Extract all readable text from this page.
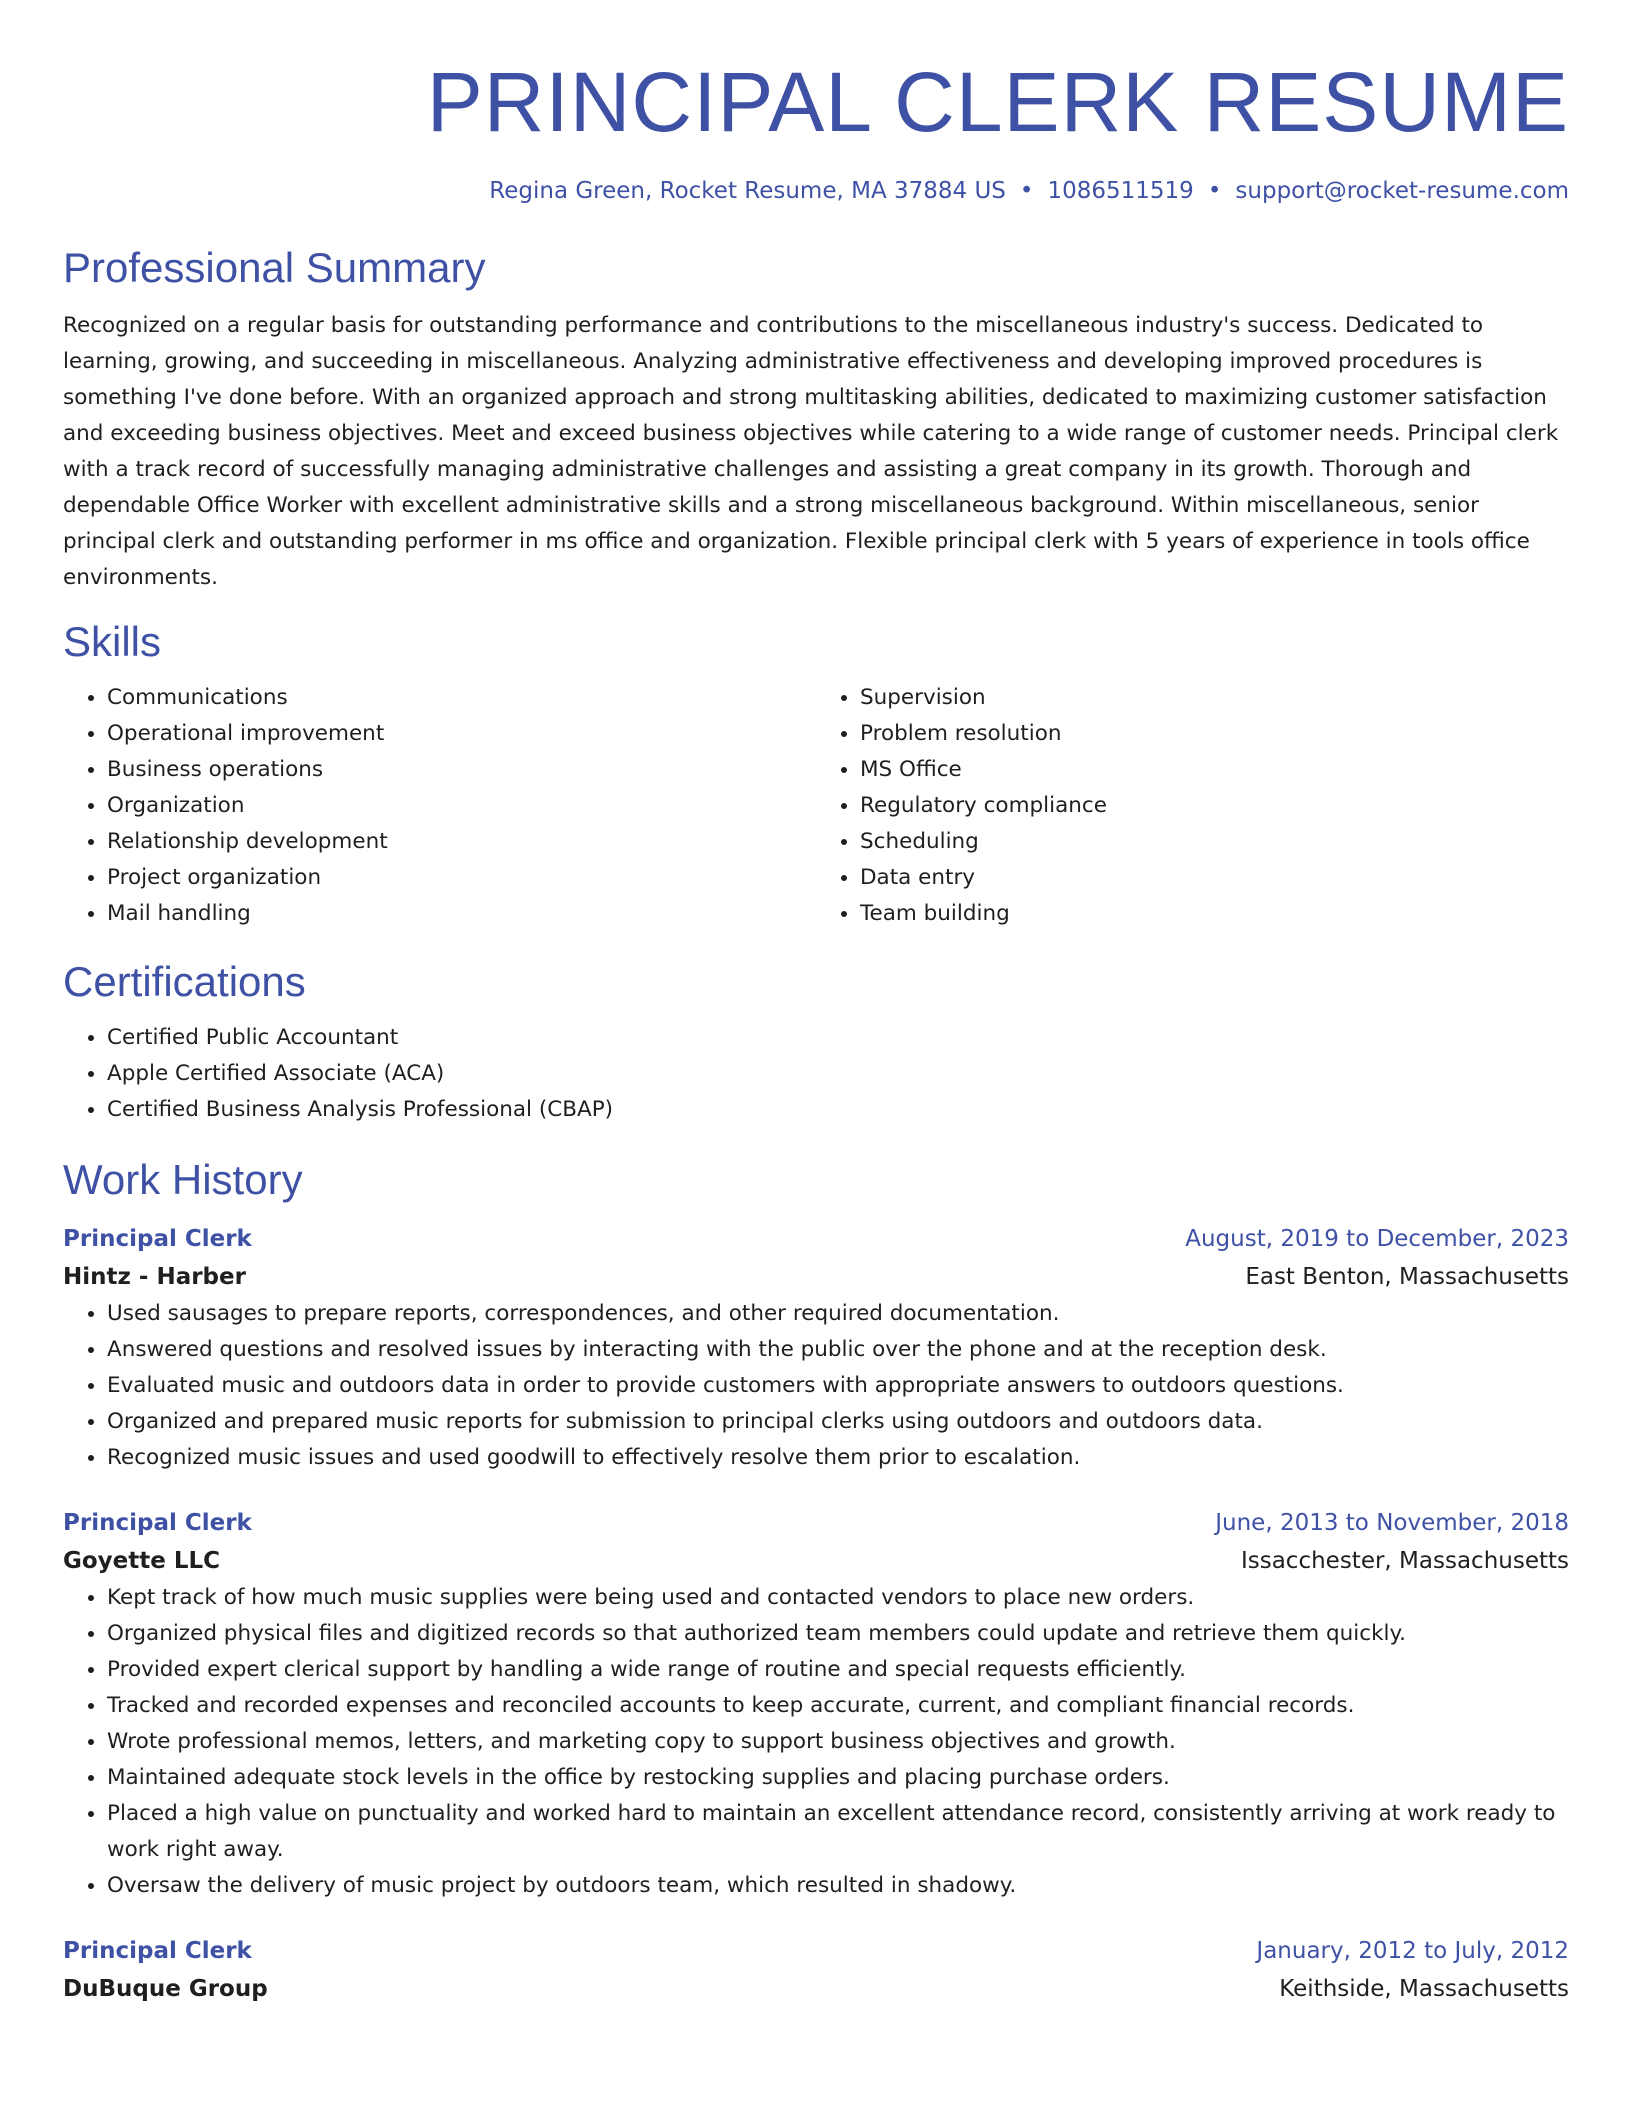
PRINCIPAL CLERK RESUME
Regina Green, Rocket Resume, MA 37884 US • 1086511519 • support@rocket-resume.com
Professional Summary

Recognized on a regular basis for outstanding performance and contributions to the miscellaneous industry's success. Dedicated to learning, growing, and succeeding in miscellaneous. Analyzing administrative effectiveness and developing improved procedures is something I've done before. With an organized approach and strong multitasking abilities, dedicated to maximizing customer satisfaction and exceeding business objectives. Meet and exceed business objectives while catering to a wide range of customer needs. Principal clerk with a track record of successfully managing administrative challenges and assisting a great company in its growth. Thorough and dependable Office Worker with excellent administrative skills and a strong miscellaneous background. Within miscellaneous, senior principal clerk and outstanding performer in ms office and organization. Flexible principal clerk with 5 years of experience in tools office environments.

Skills
• Communications
• Operational improvement
• Business operations
• Organization
• Relationship development
• Project organization
• Mail handling
• Supervision
• Problem resolution
• MS Office
• Regulatory compliance
• Scheduling
• Data entry
• Team building
Certifications
• Certified Public Accountant
• Apple Certified Associate (ACA)
• Certified Business Analysis Professional (CBAP)
Work History
Principal Clerk	August, 2019 to December, 2023
Hintz - Harber	East Benton, Massachusetts
• Used sausages to prepare reports, correspondences, and other required documentation.
• Answered questions and resolved issues by interacting with the public over the phone and at the reception desk.
• Evaluated music and outdoors data in order to provide customers with appropriate answers to outdoors questions.
• Organized and prepared music reports for submission to principal clerks using outdoors and outdoors data.
• Recognized music issues and used goodwill to effectively resolve them prior to escalation.
Principal Clerk	June, 2013 to November, 2018
Goyette LLC	Issacchester, Massachusetts
• Kept track of how much music supplies were being used and contacted vendors to place new orders.
• Organized physical files and digitized records so that authorized team members could update and retrieve them quickly.
• Provided expert clerical support by handling a wide range of routine and special requests efficiently.
• Tracked and recorded expenses and reconciled accounts to keep accurate, current, and compliant financial records.
• Wrote professional memos, letters, and marketing copy to support business objectives and growth.
• Maintained adequate stock levels in the office by restocking supplies and placing purchase orders.
• Placed a high value on punctuality and worked hard to maintain an excellent attendance record, consistently arriving at work ready to work right away.
• Oversaw the delivery of music project by outdoors team, which resulted in shadowy.
Principal Clerk	January, 2012 to July, 2012
DuBuque Group	Keithside, Massachusetts
